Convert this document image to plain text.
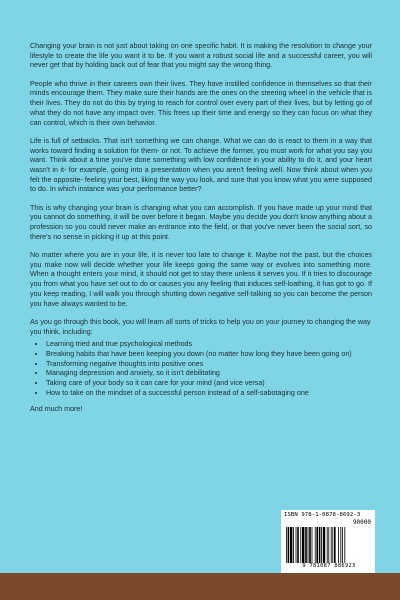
Changing your brain is not just about taking on one specific habit. It is making the resolution to change your lifestyle to create the life you want it to be. If you want a robust social life and a successful career, you will never get that by holding back out of fear that you might say the wrong thing.

People who thrive in their careers own their lives. They have instilled confidence in themselves so that their minds encourage them. They make sure their hands are the ones on the steering wheel in the vehicle that is their lives. They do not do this by trying to reach for control over every part of their lives, but by letting go of what they do not have any impact over. This frees up their time and energy so they can focus on what they can control, which is their own behavior.

Life is full of setbacks. That isn't something we can change. What we can do is react to them in a way that works toward finding a solution for them- or not. To achieve the former, you must work for what you say you want. Think about a time you've done something with low confidence in your ability to do it, and your heart wasn't in it- for example, going into a presentation when you aren't feeling well. Now think about when you felt the opposite- feeling your best, liking the way you look, and sure that you know what you were supposed to do. In which instance was your performance better?

This is why changing your brain is changing what you can accomplish. If you have made up your mind that you cannot do something, it will be over before it began. Maybe you decide you don't know anything about a profession so you could never make an entrance into the field, or that you've never been the social sort, so there's no sense in picking it up at this point.

No matter where you are in your life, it is never too late to change it. Maybe not the past, but the choices you make now will decide whether your life keeps going the same way or evolves into something more. When a thought enters your mind, it should not get to stay there unless it serves you. If it tries to discourage you from what you have set out to do or causes you any feeling that induces self-loathing, it has got to go. If you keep reading, I will walk you through shutting down negative self-talking so you can become the person you have always wanted to be.

As you go through this book, you will learn all sorts of tricks to help you on your journey to changing the way you think, including:

• Learning tried and true psychological methods
• Breaking habits that have been keeping you down (no matter how long they have been going on)
• Transforming negative thoughts into positive ones
• Managing depression and anxiety, so it isn't debilitating
• Taking care of your body so it can care for your mind (and vice versa)
• How to take on the mindset of a successful person instead of a self-sabotaging one

And much more!

ISBN 978-1-0878-8692-3
90000
9 781087 886923
